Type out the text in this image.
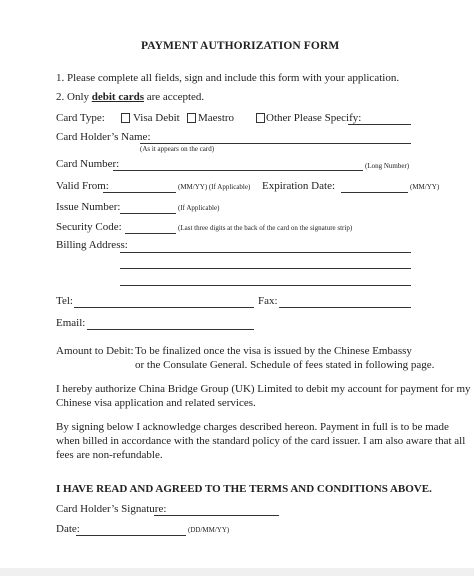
PAYMENT AUTHORIZATION FORM
1. Please complete all fields, sign and include this form with your application.
2. Only debit cards are accepted.
Card Type:	Visa Debit Maestro	Other Please Specify:
Card Holder’s Name:
(As it appears on the card)
Card Number:	(Long Number)
Valid From:	(MM/YY) (If Applicable) Expiration Date:	(MM/YY)
Issue Number:	(If Applicable)
Security Code:	(Last three digits at the back of the card on the signature strip)
Billing Address:
Tel:	Fax:
Email:
Amount to Debit: To be finalized once the visa is issued by the Chinese Embassy
or the Consulate General. Schedule of fees stated in following page.
I hereby authorize China Bridge Group (UK) Limited to debit my account for payment for my
Chinese visa application and related services.
By signing below I acknowledge charges described hereon. Payment in full is to be made
when billed in accordance with the standard policy of the card issuer. I am also aware that all
fees are non-refundable.
I HAVE READ AND AGREED TO THE TERMS AND CONDITIONS ABOVE.
Card Holder’s Signature:
Date:	(DD/MM/YY)
